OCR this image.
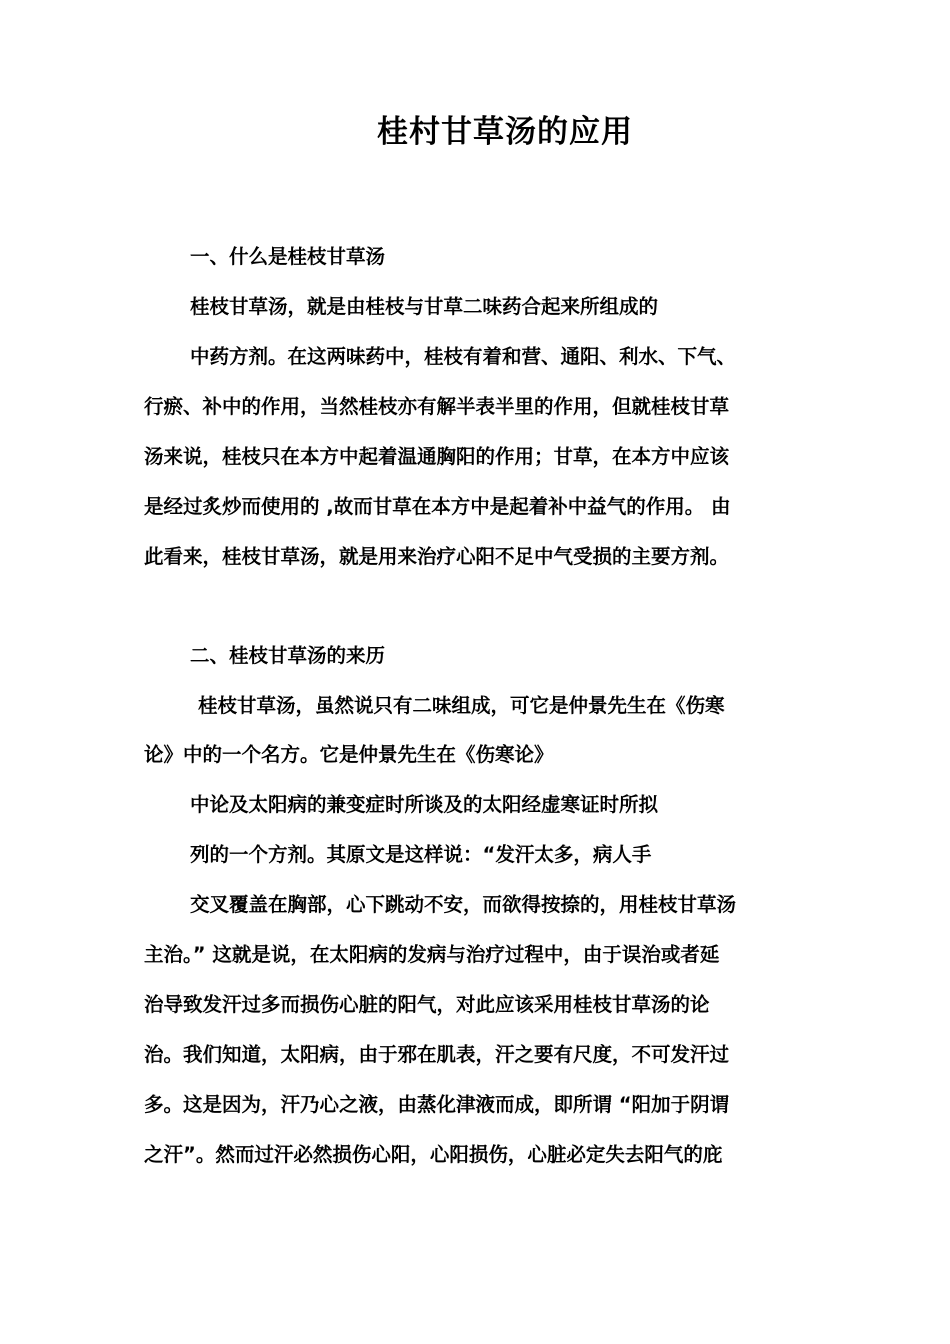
桂村甘草汤的应用
一、什么是桂枝甘草汤
桂枝甘草汤，就是由桂枝与甘草二味药合起来所组成的
中药方剂。在这两味药中，桂枝有着和营、通阳、利水、下气、
行瘀、补中的作用，当然桂枝亦有解半表半里的作用，但就桂枝甘草
汤来说，桂枝只在本方中起着温通胸阳的作用；甘草，在本方中应该
是经过炙炒而使用的 ,故而甘草在本方中是起着补中益气的作用。 由
此看来，桂枝甘草汤，就是用来治疗心阳不足中气受损的主要方剂。
二、桂枝甘草汤的来历
桂枝甘草汤，虽然说只有二味组成，可它是仲景先生在《伤寒
论》中的一个名方。它是仲景先生在《伤寒论》
中论及太阳病的兼变症时所谈及的太阳经虚寒证时所拟
列的一个方剂。其原文是这样说：“发汗太多，病人手
交叉覆盖在胸部，心下跳动不安，而欲得按捺的，用桂枝甘草汤
主治。” 这就是说，在太阳病的发病与治疗过程中，由于误治或者延
治导致发汗过多而损伤心脏的阳气，对此应该采用桂枝甘草汤的论
治。我们知道，太阳病，由于邪在肌表，汗之要有尺度，不可发汗过
多。这是因为，汗乃心之液，由蒸化津液而成，即所谓 “阳加于阴谓
之汗”。然而过汗必然损伤心阳，心阳损伤，心脏必定失去阳气的庇
